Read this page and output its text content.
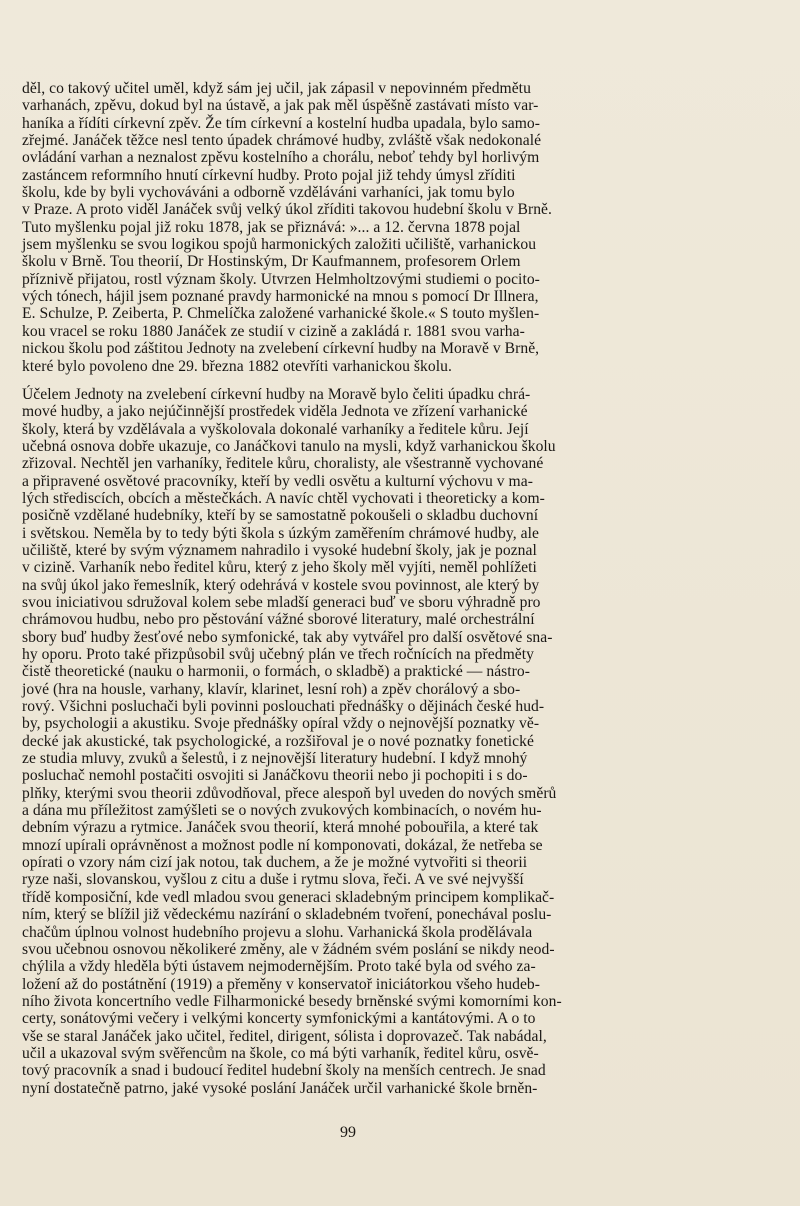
děl, co takový učitel uměl, když sám jej učil, jak zápasil v nepovinném předmětu
varhanách, zpěvu, dokud byl na ústavě, a jak pak měl úspěšně zastávati místo var-
haníka a řídíti církevní zpěv. Že tím církevní a kostelní hudba upadala, bylo samo-
zřejmé. Janáček těžce nesl tento úpadek chrámové hudby, zvláště však nedokonalé
ovládání varhan a neznalost zpěvu kostelního a chorálu, neboť tehdy byl horlivým
zastáncem reformního hnutí církevní hudby. Proto pojal již tehdy úmysl zříditi
školu, kde by byli vychováváni a odborně vzděláváni varhaníci, jak tomu bylo
v Praze. A proto viděl Janáček svůj velký úkol zříditi takovou hudební školu v Brně.
Tuto myšlenku pojal již roku 1878, jak se přiznává: »... a 12. června 1878 pojal
jsem myšlenku se svou logikou spojů harmonických založiti učiliště, varhanickou
školu v Brně. Tou theorií, Dr Hostinským, Dr Kaufmannem, profesorem Orlem
příznivě přijatou, rostl význam školy. Utvrzen Helmholtzovými studiemi o pocito-
vých tónech, hájil jsem poznané pravdy harmonické na mnou s pomocí Dr Illnera,
E. Schulze, P. Zeiberta, P. Chmelíčka založené varhanické škole.« S touto myšlen-
kou vracel se roku 1880 Janáček ze studií v cizině a zakládá r. 1881 svou varha-
nickou školu pod záštitou Jednoty na zvelebení církevní hudby na Moravě v Brně,
které bylo povoleno dne 29. března 1882 otevříti varhanickou školu.
Účelem Jednoty na zvelebení církevní hudby na Moravě bylo čeliti úpadku chrá-
mové hudby, a jako nejúčinnější prostředek viděla Jednota ve zřízení varhanické
školy, která by vzdělávala a vyškolovala dokonalé varhaníky a ředitele kůru. Její
učebná osnova dobře ukazuje, co Janáčkovi tanulo na mysli, když varhanickou školu
zřizoval. Nechtěl jen varhaníky, ředitele kůru, choralisty, ale všestranně vychované
a připravené osvětové pracovníky, kteří by vedli osvětu a kulturní výchovu v ma-
lých střediscích, obcích a městečkách. A navíc chtěl vychovati i theoreticky a kom-
posičně vzdělané hudebníky, kteří by se samostatně pokoušeli o skladbu duchovní
i světskou. Neměla by to tedy býti škola s úzkým zaměřením chrámové hudby, ale
učiliště, které by svým významem nahradilo i vysoké hudební školy, jak je poznal
v cizině. Varhaník nebo ředitel kůru, který z jeho školy měl vyjíti, neměl pohlížeti
na svůj úkol jako řemeslník, který odehrává v kostele svou povinnost, ale který by
svou iniciativou sdružoval kolem sebe mladší generaci buď ve sboru výhradně pro
chrámovou hudbu, nebo pro pěstování vážné sborové literatury, malé orchestrální
sbory buď hudby žesťové nebo symfonické, tak aby vytvářel pro další osvětové sna-
hy oporu. Proto také přizpůsobil svůj učebný plán ve třech ročnících na předměty
čistě theoretické (nauku o harmonii, o formách, o skladbě) a praktické — nástro-
jové (hra na housle, varhany, klavír, klarinet, lesní roh) a zpěv chorálový a sbo-
rový. Všichni posluchači byli povinni poslouchati přednášky o dějinách české hud-
by, psychologii a akustiku. Svoje přednášky opíral vždy o nejnovější poznatky vě-
decké jak akustické, tak psychologické, a rozšiřoval je o nové poznatky fonetické
ze studia mluvy, zvuků a šelestů, i z nejnovější literatury hudební. I když mnohý
posluchač nemohl postačiti osvojiti si Janáčkovu theorii nebo ji pochopiti i s do-
plňky, kterými svou theorii zdůvodňoval, přece alespoň byl uveden do nových směrů
a dána mu příležitost zamýšleti se o nových zvukových kombinacích, o novém hu-
debním výrazu a rytmice. Janáček svou theorií, která mnohé pobouřila, a které tak
mnozí upírali oprávněnost a možnost podle ní komponovati, dokázal, že netřeba se
opírati o vzory nám cizí jak notou, tak duchem, a že je možné vytvořiti si theorii
ryze naši, slovanskou, vyšlou z citu a duše i rytmu slova, řeči. A ve své nejvyšší
třídě komposiční, kde vedl mladou svou generaci skladebným principem komplikač-
ním, který se blížil již vědeckému nazírání o skladebném tvoření, ponechával poslu-
chačům úplnou volnost hudebního projevu a slohu. Varhanická škola prodělávala
svou učebnou osnovou několikeré změny, ale v žádném svém poslání se nikdy neod-
chýlila a vždy hleděla býti ústavem nejmodernějším. Proto také byla od svého za-
ložení až do postátnění (1919) a přeměny v konservatoř iniciátorkou všeho hudeb-
ního života koncertního vedle Filharmonické besedy brněnské svými komorními kon-
certy, sonátovými večery i velkými koncerty symfonickými a kantátovými. A o to
vše se staral Janáček jako učitel, ředitel, dirigent, sólista i doprovazeč. Tak nabádal,
učil a ukazoval svým svěřencům na škole, co má býti varhaník, ředitel kůru, osvě-
tový pracovník a snad i budoucí ředitel hudební školy na menších centrech. Je snad
nyní dostatečně patrno, jaké vysoké poslání Janáček určil varhanické škole brněn-
99
